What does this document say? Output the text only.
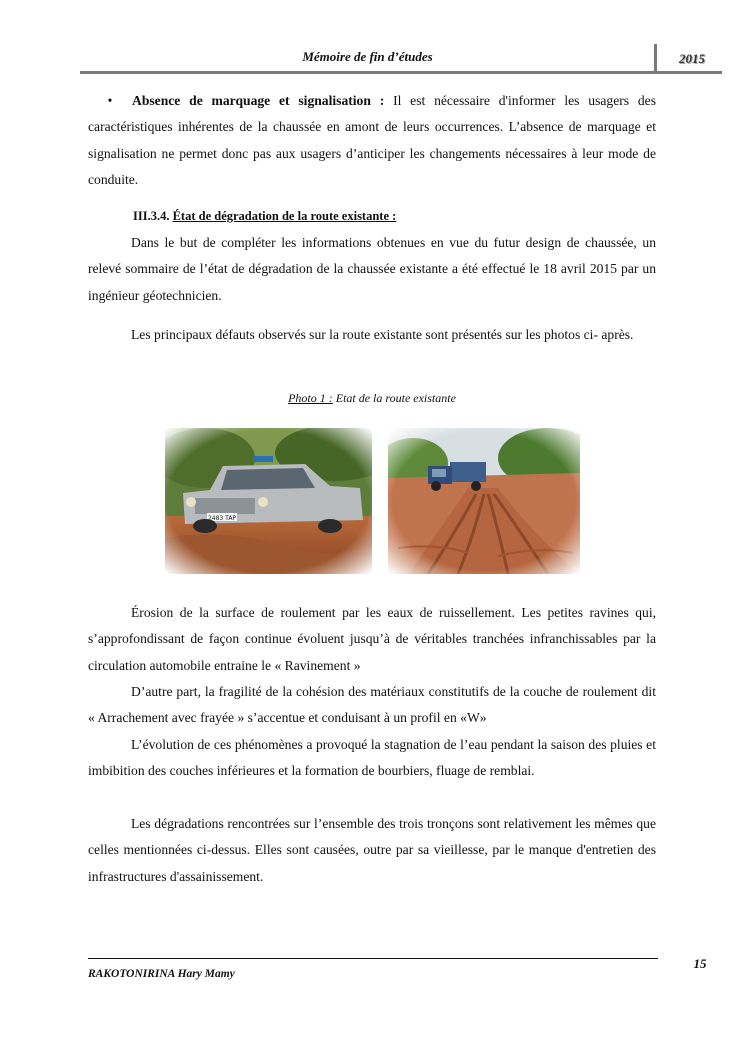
Mémoire de fin d’études	2015
• Absence de marquage et signalisation : Il est nécessaire d'informer les usagers des caractéristiques inhérentes de la chaussée en amont de leurs occurrences. L’absence de marquage et signalisation ne permet donc pas aux usagers d’anticiper les changements nécessaires à leur mode de conduite.
III.3.4. État de dégradation de la route existante :
Dans le but de compléter les informations obtenues en vue du futur design de chaussée, un relevé sommaire de l’état de dégradation de la chaussée existante a été effectué le 18 avril 2015 par un ingénieur géotechnicien.
Les principaux défauts observés sur la route existante sont présentés sur les photos ci- après.
Photo 1 : Etat de la route existante
Érosion de la surface de roulement par les eaux de ruissellement. Les petites ravines qui, s’approfondissant de façon continue évoluent jusqu’à de véritables tranchées infranchissables par la circulation automobile entraine le « Ravinement »
D’autre part, la fragilité de la cohésion des matériaux constitutifs de la couche de roulement dit « Arrachement avec frayée » s’accentue et conduisant à un profil en «W»
L’évolution de ces phénomènes a provoqué la stagnation de l’eau pendant la saison des pluies et imbibition des couches inférieures et la formation de bourbiers, fluage de remblai.
Les dégradations rencontrées sur l’ensemble des trois tronçons sont relativement les mêmes que celles mentionnées ci-dessus. Elles sont causées, outre par sa vieillesse, par le manque d'entretien des infrastructures d'assainissement.
RAKOTONIRINA Hary Mamy
15
